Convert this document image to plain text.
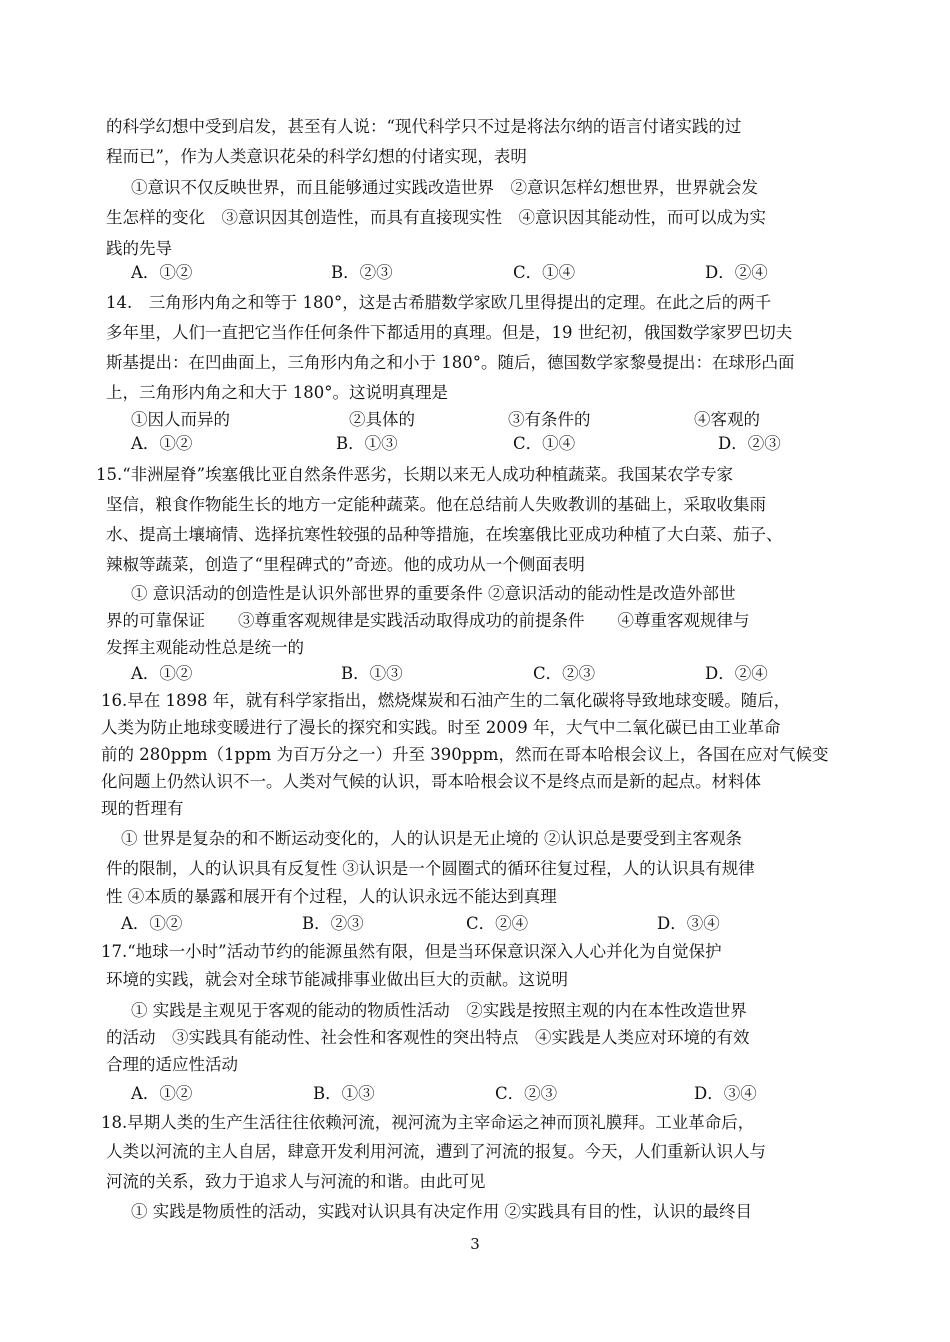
的科学幻想中受到启发，甚至有人说：“现代科学只不过是将法尔纳的语言付诸实践的过
程而已”，作为人类意识花朵的科学幻想的付诸实现，表明
①意识不仅反映世界，而且能够通过实践改造世界　②意识怎样幻想世界，世界就会发
生怎样的变化　③意识因其创造性，而具有直接现实性　④意识因其能动性，而可以成为实
践的先导
A．①②	B．②③	C．①④	D．②④
14.　三角形内角之和等于 180°，这是古希腊数学家欧几里得提出的定理。在此之后的两千
多年里，人们一直把它当作任何条件下都适用的真理。但是，19 世纪初，俄国数学家罗巴切夫
斯基提出：在凹曲面上，三角形内角之和小于 180°。随后，德国数学家黎曼提出：在球形凸面
上，三角形内角之和大于 180°。这说明真理是
①因人而异的	②具体的	③有条件的	④客观的
A．①②	B．①③	C．①④	D．②③
15.“非洲屋脊”埃塞俄比亚自然条件恶劣，长期以来无人成功种植蔬菜。我国某农学专家
坚信，粮食作物能生长的地方一定能种蔬菜。他在总结前人失败教训的基础上，采取收集雨
水、提高土壤墒情、选择抗寒性较强的品种等措施，在埃塞俄比亚成功种植了大白菜、茄子、
辣椒等蔬菜，创造了“里程碑式的”奇迹。他的成功从一个侧面表明
① 意识活动的创造性是认识外部世界的重要条件 ②意识活动的能动性是改造外部世
界的可靠保证　　③尊重客观规律是实践活动取得成功的前提条件　　④尊重客观规律与
发挥主观能动性总是统一的
A．①②	B．①③	C．②③	D．②④
16.早在 1898 年，就有科学家指出，燃烧煤炭和石油产生的二氧化碳将导致地球变暖。随后，
人类为防止地球变暖进行了漫长的探究和实践。时至 2009 年，大气中二氧化碳已由工业革命
前的 280ppm（1ppm 为百万分之一）升至 390ppm，然而在哥本哈根会议上，各国在应对气候变
化问题上仍然认识不一。人类对气候的认识，哥本哈根会议不是终点而是新的起点。材料体
现的哲理有
① 世界是复杂的和不断运动变化的，人的认识是无止境的 ②认识总是要受到主客观条
件的限制，人的认识具有反复性 ③认识是一个圆圈式的循环往复过程，人的认识具有规律
性 ④本质的暴露和展开有个过程，人的认识永远不能达到真理
A．①②	B．②③	C．②④	D．③④
17.“地球一小时”活动节约的能源虽然有限，但是当环保意识深入人心并化为自觉保护
环境的实践，就会对全球节能减排事业做出巨大的贡献。这说明
① 实践是主观见于客观的能动的物质性活动　②实践是按照主观的内在本性改造世界
的活动　③实践具有能动性、社会性和客观性的突出特点　④实践是人类应对环境的有效
合理的适应性活动
A．①②	B．①③	C．②③	D．③④
18.早期人类的生产生活往往依赖河流，视河流为主宰命运之神而顶礼膜拜。工业革命后，
人类以河流的主人自居，肆意开发利用河流，遭到了河流的报复。今天，人们重新认识人与
河流的关系，致力于追求人与河流的和谐。由此可见
① 实践是物质性的活动，实践对认识具有决定作用 ②实践具有目的性，认识的最终目
3
